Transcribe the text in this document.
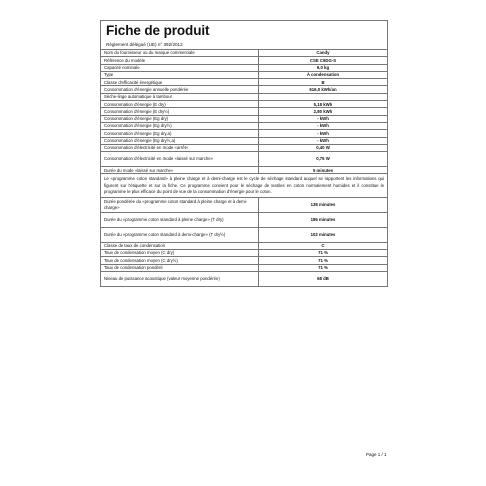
Fiche de produit
Règlement délégué (UE) n° 392/2012
Nom du fournisseur ou du marque commerciale	Candy
Référence du modèle	CSE C9DG-S
Capacité nominale	9,0 kg
Type	À condensation
Classe d'efficacité énergétique	B
Consommation d'énergie annuelle pondérée	616,0 kWh/an
Sèche-linge automatique à tambour	
Consommation d'énergie (E dry)	5,18 kWh
Consommation d'énergie (E dry½)	2,80 kWh
Consommation d'énergie (Eg dry)	- kWh
Consommation d'énergie (Eg dry½)	- kWh
Consommation d'énergie (Eg dry,a)	- kWh
Consommation d'énergie (Eg dry½,a)	- kWh
Consommation d'électricité en mode «arrêt»	0,40 W
Consommation d'électricité en mode «laissé sur marche»	0,75 W
Durée du mode «laissé sur marche»	5 minutes
Le «programme coton standard» à pleine charge et à demi-charge est le cycle de séchage standard auquel se rapportent les informations qui figurent sur l'étiquette et sur la fiche. Ce programme convient pour le séchage de textiles en coton normalement humides et il constitue le programme le plus efficace du point de vue de la consommation d'énergie pour le coton.	
Durée pondérée du «programme coton standard à pleine charge et à demi-charge»	138 minutes
Durée du «programme coton standard à pleine charge» (T dry)	186 minutes
Durée du «programme coton standard à demi-charge» (T dry½)	102 minutes
Classe de taux de condensation	C
Taux de condensation moyen (C dry)	71 %
Taux de condensation moyen (C dry½)	71 %
Taux de condensation pondéré	71 %
Niveau de puissance acoustique (valeur moyenne pondérée)	68 dB
Page 1 / 1
